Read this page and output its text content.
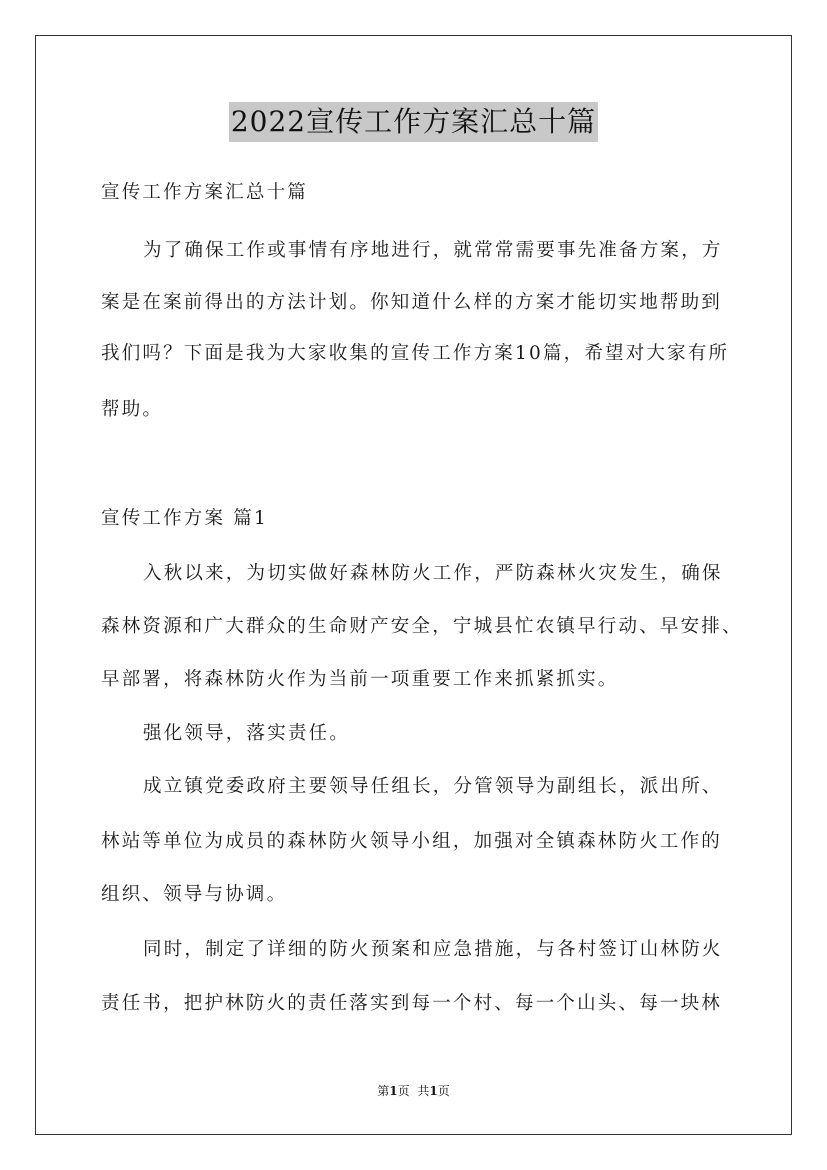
2022宣传工作方案汇总十篇
宣传工作方案汇总十篇
为了确保工作或事情有序地进行，就常常需要事先准备方案，方
案是在案前得出的方法计划。你知道什么样的方案才能切实地帮助到
我们吗？下面是我为大家收集的宣传工作方案10篇，希望对大家有所
帮助。
宣传工作方案 篇1
入秋以来，为切实做好森林防火工作，严防森林火灾发生，确保
森林资源和广大群众的生命财产安全，宁城县忙农镇早行动、早安排、
早部署，将森林防火作为当前一项重要工作来抓紧抓实。
强化领导，落实责任。
成立镇党委政府主要领导任组长，分管领导为副组长，派出所、
林站等单位为成员的森林防火领导小组，加强对全镇森林防火工作的
组织、领导与协调。
同时，制定了详细的防火预案和应急措施，与各村签订山林防火
责任书，把护林防火的责任落实到每一个村、每一个山头、每一块林
第1页 共1页
